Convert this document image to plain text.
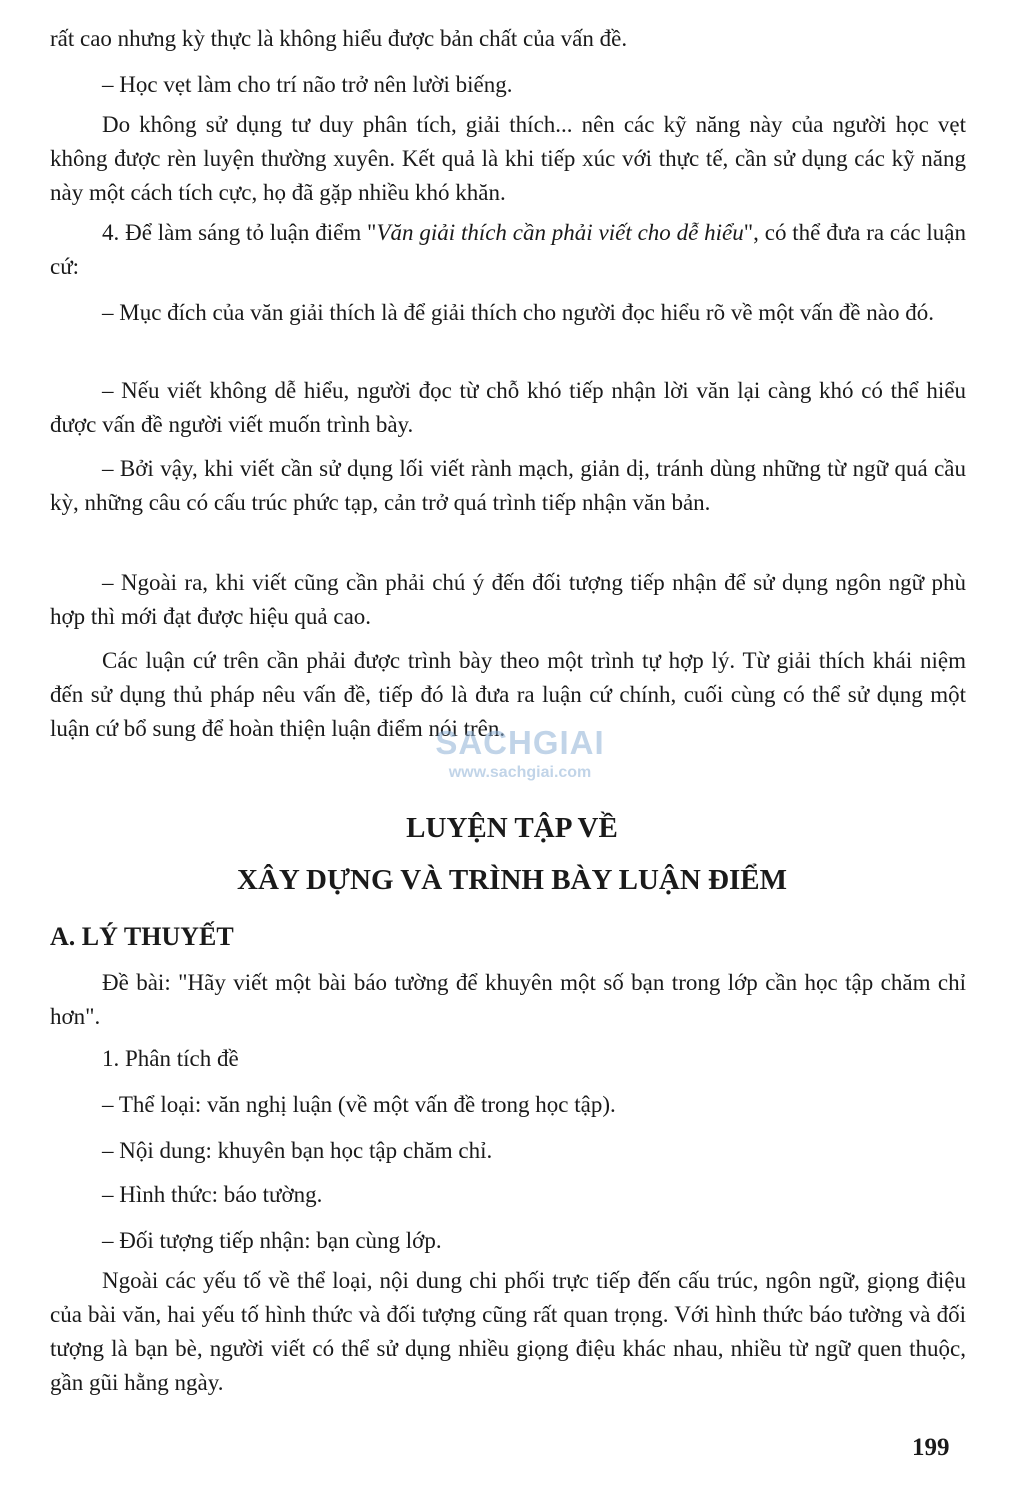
rất cao nhưng kỳ thực là không hiểu được bản chất của vấn đề.

– Học vẹt làm cho trí não trở nên lười biếng.

Do không sử dụng tư duy phân tích, giải thích... nên các kỹ năng này của người học vẹt không được rèn luyện thường xuyên. Kết quả là khi tiếp xúc với thực tế, cần sử dụng các kỹ năng này một cách tích cực, họ đã gặp nhiều khó khăn.

4. Để làm sáng tỏ luận điểm "Văn giải thích cần phải viết cho dễ hiểu", có thể đưa ra các luận cứ:

– Mục đích của văn giải thích là để giải thích cho người đọc hiểu rõ về một vấn đề nào đó.

– Nếu viết không dễ hiểu, người đọc từ chỗ khó tiếp nhận lời văn lại càng khó có thể hiểu được vấn đề người viết muốn trình bày.

– Bởi vậy, khi viết cần sử dụng lối viết rành mạch, giản dị, tránh dùng những từ ngữ quá cầu kỳ, những câu có cấu trúc phức tạp, cản trở quá trình tiếp nhận văn bản.

– Ngoài ra, khi viết cũng cần phải chú ý đến đối tượng tiếp nhận để sử dụng ngôn ngữ phù hợp thì mới đạt được hiệu quả cao.

Các luận cứ trên cần phải được trình bày theo một trình tự hợp lý. Từ giải thích khái niệm đến sử dụng thủ pháp nêu vấn đề, tiếp đó là đưa ra luận cứ chính, cuối cùng có thể sử dụng một luận cứ bổ sung để hoàn thiện luận điểm nói trên.

SACHGIAI
www.sachgiai.com
LUYỆN TẬP VỀ
XÂY DỰNG VÀ TRÌNH BÀY LUẬN ĐIỂM
A. LÝ THUYẾT

Đề bài: "Hãy viết một bài báo tường để khuyên một số bạn trong lớp cần học tập chăm chỉ hơn".

1. Phân tích đề

– Thể loại: văn nghị luận (về một vấn đề trong học tập).

– Nội dung: khuyên bạn học tập chăm chỉ.

– Hình thức: báo tường.

– Đối tượng tiếp nhận: bạn cùng lớp.

Ngoài các yếu tố về thể loại, nội dung chi phối trực tiếp đến cấu trúc, ngôn ngữ, giọng điệu của bài văn, hai yếu tố hình thức và đối tượng cũng rất quan trọng. Với hình thức báo tường và đối tượng là bạn bè, người viết có thể sử dụng nhiều giọng điệu khác nhau, nhiều từ ngữ quen thuộc, gần gũi hằng ngày.

199
